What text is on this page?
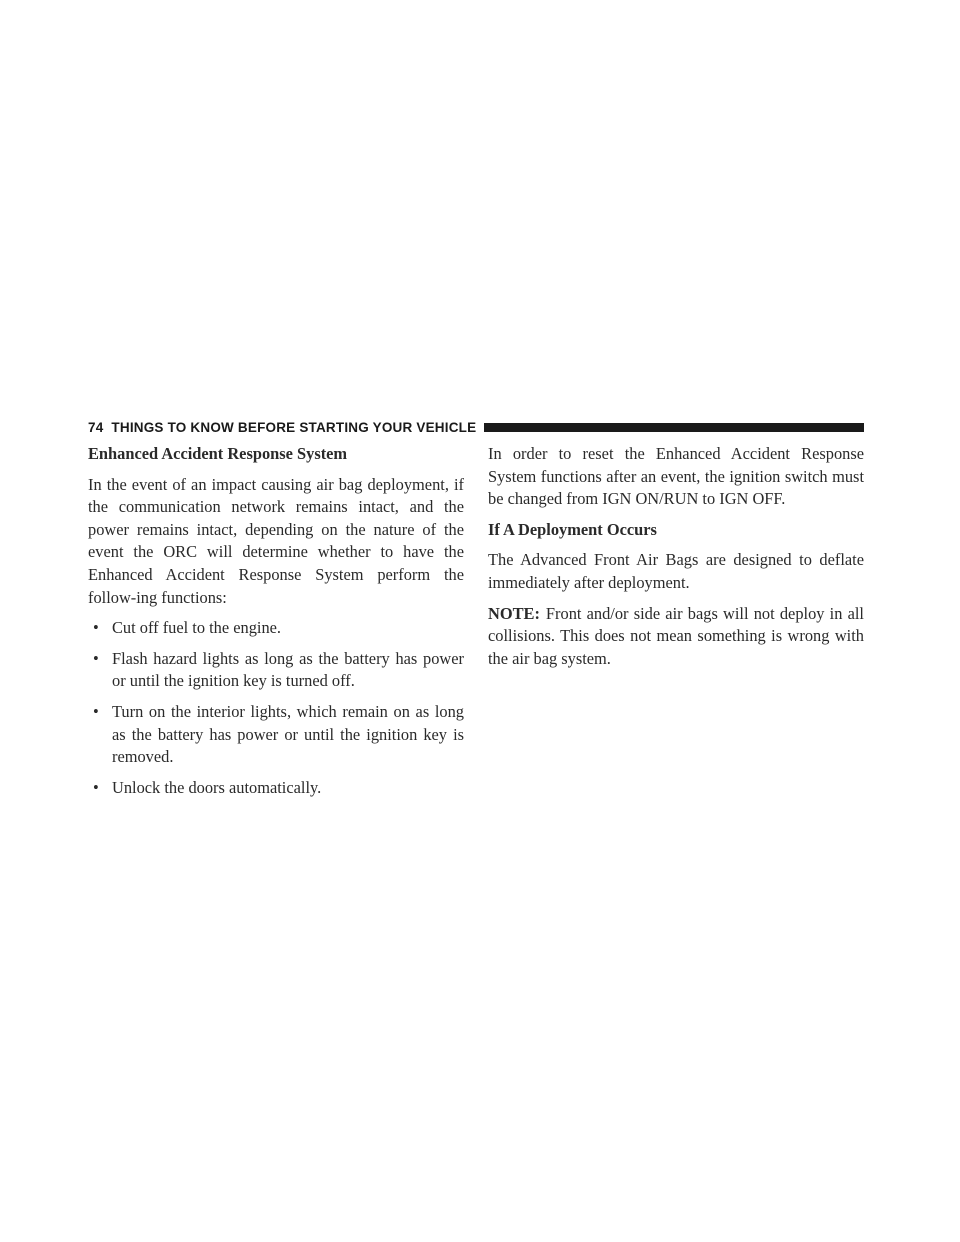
74 THINGS TO KNOW BEFORE STARTING YOUR VEHICLE
Enhanced Accident Response System

In the event of an impact causing air bag deployment, if the communication network remains intact, and the power remains intact, depending on the nature of the event the ORC will determine whether to have the Enhanced Accident Response System perform the follow-ing functions:

• Cut off fuel to the engine.
• Flash hazard lights as long as the battery has power or until the ignition key is turned off.
• Turn on the interior lights, which remain on as long as the battery has power or until the ignition key is removed.
• Unlock the doors automatically.

In order to reset the Enhanced Accident Response System functions after an event, the ignition switch must be changed from IGN ON/RUN to IGN OFF.

If A Deployment Occurs

The Advanced Front Air Bags are designed to deflate immediately after deployment.

NOTE: Front and/or side air bags will not deploy in all collisions. This does not mean something is wrong with the air bag system.
